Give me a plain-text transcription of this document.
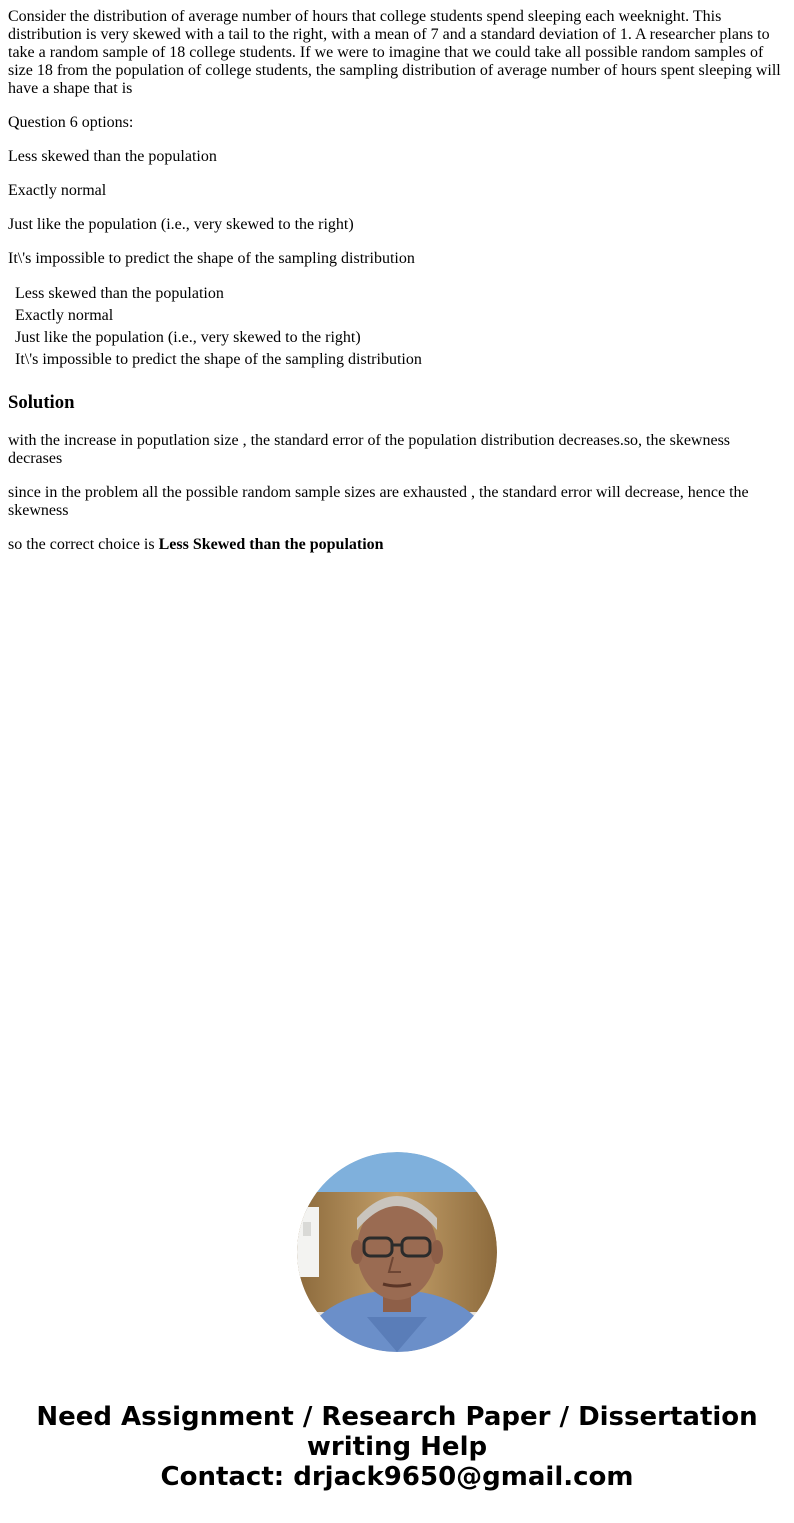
Consider the distribution of average number of hours that college students spend sleeping each weeknight. This distribution is very skewed with a tail to the right, with a mean of 7 and a standard deviation of 1. A researcher plans to take a random sample of 18 college students. If we were to imagine that we could take all possible random samples of size 18 from the population of college students, the sampling distribution of average number of hours spent sleeping will have a shape that is

Question 6 options:

Less skewed than the population

Exactly normal

Just like the population (i.e., very skewed to the right)

It\'s impossible to predict the shape of the sampling distribution

Less skewed than the population
Exactly normal
Just like the population (i.e., very skewed to the right)
It\'s impossible to predict the shape of the sampling distribution
Solution

with the increase in poputlation size , the standard error of the population distribution decreases.so, the skewness decrases

since in the problem all the possible random sample sizes are exhausted , the standard error will decrease, hence the skewness

so the correct choice is Less Skewed than the population

Need Assignment / Research Paper / Dissertation
writing Help
Contact: drjack9650@gmail.com
